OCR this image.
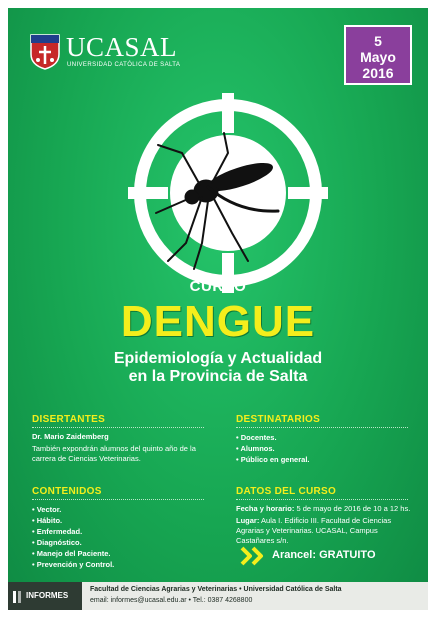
UCASAL
UNIVERSIDAD CATÓLICA DE SALTA
5
Mayo
2016
CURSO
DENGUE
Epidemiología y Actualidad
en la Provincia de Salta
DISERTANTES
Dr. Mario Zaidemberg
También expondrán alumnos del quinto año de la carrera de Ciencias Veterinarias.
DESTINATARIOS
• Docentes.
• Alumnos.
• Público en general.
CONTENIDOS
• Vector.
• Hábito.
• Enfermedad.
• Diagnóstico.
• Manejo del Paciente.
• Prevención y Control.
DATOS DEL CURSO
Fecha y horario: 5 de mayo de 2016 de 10 a 12 hs.
Lugar: Aula I. Edificio III. Facultad de Ciencias Agrarias y Veterinarias. UCASAL, Campus Castañares s/n.
Arancel: GRATUITO
INFORMES
Facultad de Ciencias Agrarias y Veterinarias • Universidad Católica de Salta
email: informes@ucasal.edu.ar • Tel.: 0387 4268800
